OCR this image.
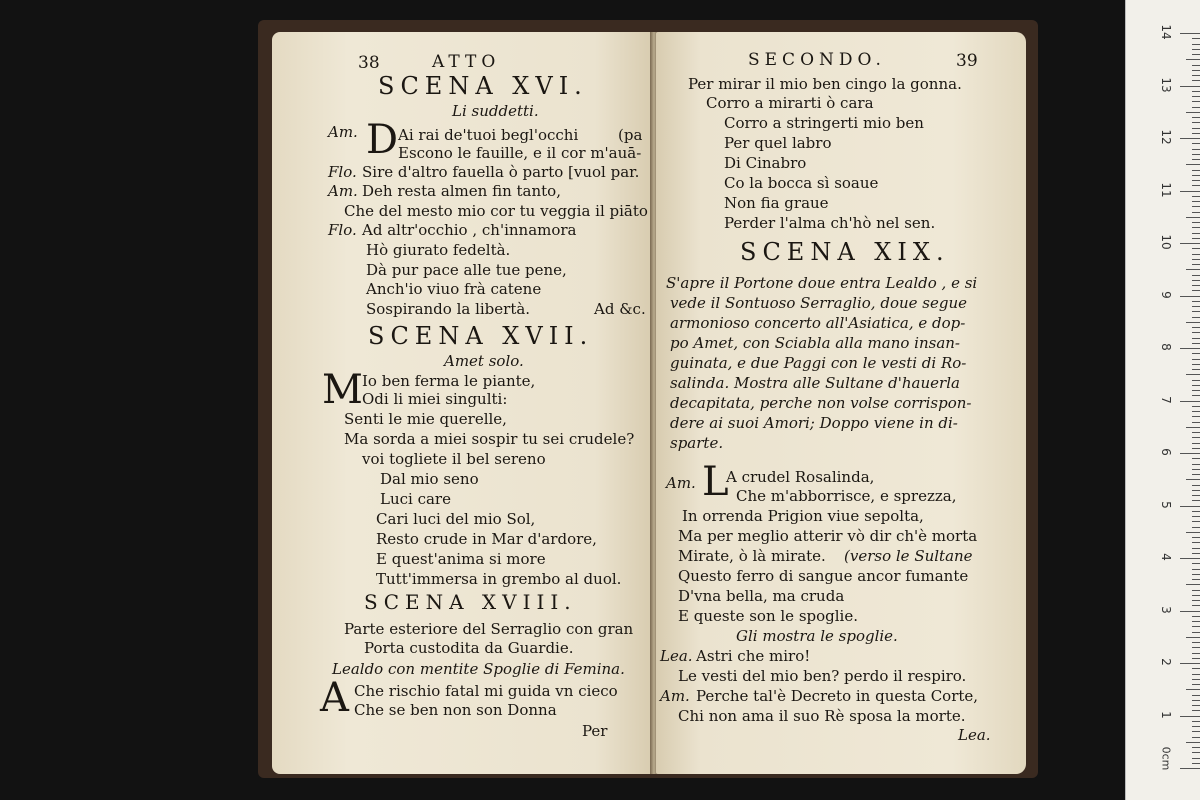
0cm
1
2
3
4
5
6
7
8
9
10
11
12
13
14
38	ATTO
SCENA XVI.
Li suddetti.
Am. D Ai rai de'tuoi begl'occhi	(pa
Escono le fauille, e il cor m'auā-
Flo. Sire d'altro fauella ò parto [vuol par.
Am. Deh resta almen fin tanto,
Che del mesto mio cor tu veggia il piāto
Flo. Ad altr'occhio , ch'innamora
Hò giurato fedeltà.
Dà pur pace alle tue pene,
Anch'io viuo frà catene
Sospirando la libertà.	Ad &c.
SCENA XVII.
Amet solo.
M Io ben ferma le piante,
Odi li miei singulti:
Senti le mie querelle,
Ma sorda a miei sospir tu sei crudele?
voi togliete il bel sereno
Dal mio seno
Luci care
Cari luci del mio Sol,
Resto crude in Mar d'ardore,
E quest'anima si more
Tutt'immersa in grembo al duol.
SCENA XVIII.
Parte esteriore del Serraglio con gran
Porta custodita da Guardie.
Lealdo con mentite Spoglie di Femina.
A Che rischio fatal mi guida vn cieco
Che se ben non son Donna
Per
SECONDO.	39
Per mirar il mio ben cingo la gonna.
Corro a mirarti ò cara
Corro a stringerti mio ben
Per quel labro
Di Cinabro
Co la bocca sì soaue
Non fia graue
Perder l'alma ch'hò nel sen.
SCENA XIX.
S'apre il Portone doue entra Lealdo , e si
vede il Sontuoso Serraglio, doue segue
armonioso concerto all'Asiatica, e dop-
po Amet, con Sciabla alla mano insan-
guinata, e due Paggi con le vesti di Ro-
salinda. Mostra alle Sultane d'hauerla
decapitata, perche non volse corrispon-
dere ai suoi Amori; Doppo viene in di-
sparte.
Am. L
A crudel Rosalinda,
Che m'abborrisce, e sprezza,
In orrenda Prigion viue sepolta,
Ma per meglio atterir vò dir ch'è morta
Mirate, ò là mirate. (verso le Sultane
Questo ferro di sangue ancor fumante
D'vna bella, ma cruda
E queste son le spoglie.
Gli mostra le spoglie.
Lea. Astri che miro!
Le vesti del mio ben? perdo il respiro.
Am. Perche tal'è Decreto in questa Corte,
Chi non ama il suo Rè sposa la morte.
Lea.
